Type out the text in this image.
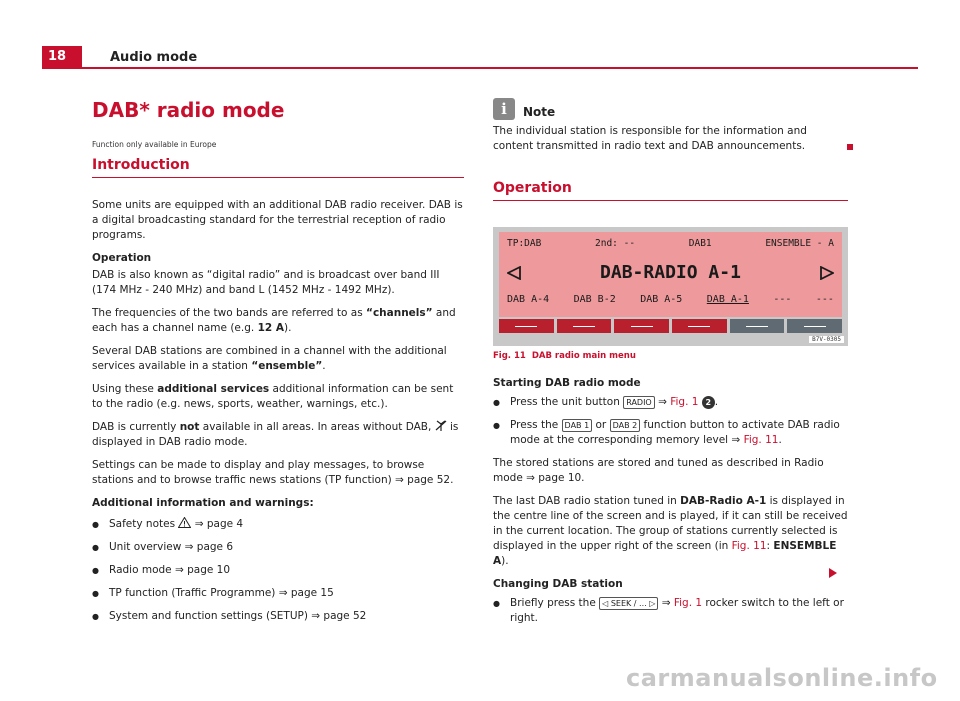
18	Audio mode
DAB* radio mode
Function only available in Europe
Introduction

Some units are equipped with an additional DAB radio receiver. DAB is a digital broadcasting standard for the terrestrial reception of radio programs.

Operation

DAB is also known as “digital radio” and is broadcast over band III (174 MHz - 240 MHz) and band L (1452 MHz - 1492 MHz).

The frequencies of the two bands are referred to as “channels” and each has a channel name (e.g. 12 A).

Several DAB stations are combined in a channel with the additional services available in a station “ensemble”.

Using these additional services additional information can be sent to the radio (e.g. news, sports, weather, warnings, etc.).

DAB is currently not available in all areas. In areas without DAB,  is displayed in DAB radio mode.

Settings can be made to display and play messages, to browse stations and to browse traffic news stations (TP function) ⇒ page 52.

Additional information and warnings:

● Safety notes  ⇒ page 4
● Unit overview ⇒ page 6
● Radio mode ⇒ page 10
● TP function (Traffic Programme) ⇒ page 15
● System and function settings (SETUP) ⇒ page 52
i	Note

The individual station is responsible for the information and content transmitted in radio text and DAB announcements.

Operation
TP:DAB	2nd: --	DAB1	ENSEMBLE - A
DAB-RADIO A-1
DAB A-4 DAB B-2 DAB A-5 DAB A-1 --- ---
B7V-0305
Fig. 11 DAB radio main menu

Starting DAB radio mode

● Press the unit button RADIO ⇒ Fig. 1 2 .
● Press the DAB 1 or DAB 2 function button to activate DAB radio mode at the corresponding memory level ⇒ Fig. 11.

The stored stations are stored and tuned as described in Radio mode ⇒ page 10.

The last DAB radio station tuned in DAB-Radio A-1 is displayed in the centre line of the screen and is played, if it can still be received in the current location. The group of stations currently selected is displayed in the upper right of the screen (in Fig. 11: ENSEMBLE A).

Changing DAB station

● Briefly press the ◁ SEEK / ... ▷ ⇒ Fig. 1 rocker switch to the left or right.
carmanualsonline.info
